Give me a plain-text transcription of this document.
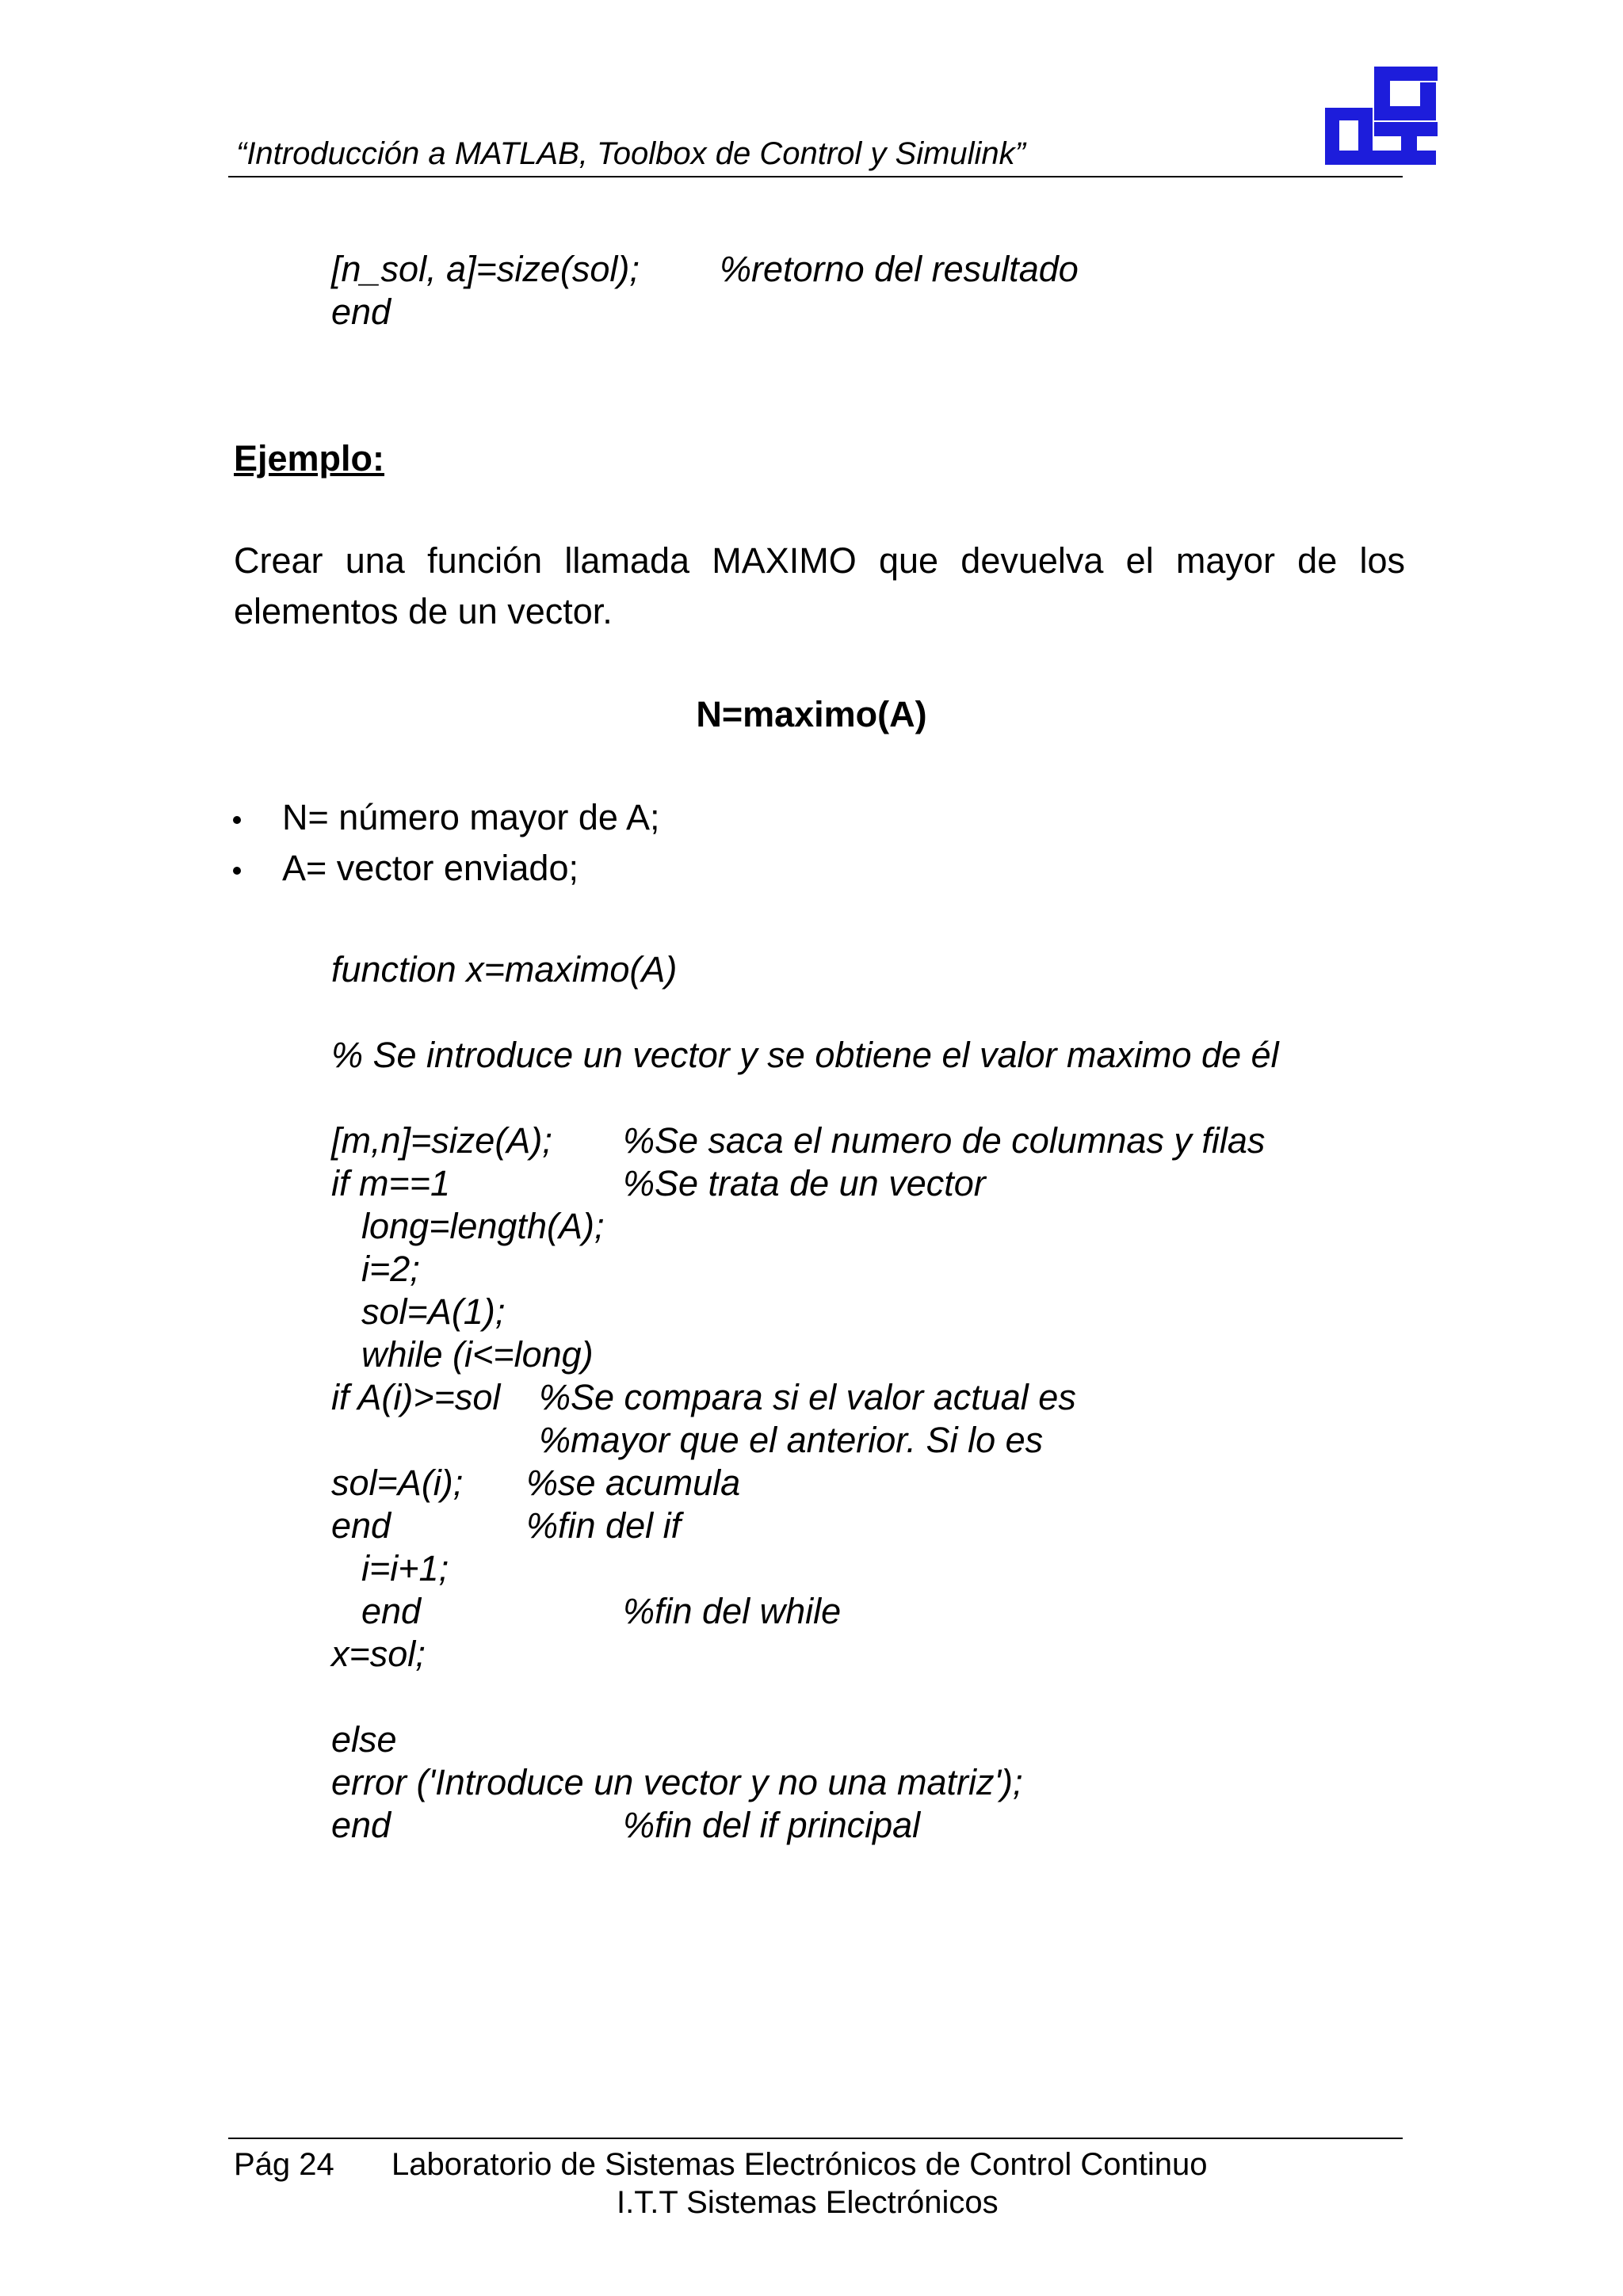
“Introducción a MATLAB, Toolbox de Control y Simulink”
[n_sol, a]=size(sol); %retorno del resultado
end
Ejemplo:
Crear una función llamada MAXIMO que devuelva el mayor de los elementos de un vector.
N=maximo(A)
N= número mayor de A;
A= vector enviado;
function x=maximo(A)
% Se introduce un vector y se obtiene el valor maximo de él
[m,n]=size(A); %Se saca el numero de columnas y filas
if m==1	%Se trata de un vector
long=length(A);
i=2;
sol=A(1);
while (i<=long)
if A(i)>=sol %Se compara si el valor actual es
%mayor que el anterior. Si lo es
sol=A(i); %se acumula
end	%fin del if
i=i+1;
end	%fin del while
x=sol;
else
error ('Introduce un vector y no una matriz');
end	%fin del if principal
Pág 24 Laboratorio de Sistemas Electrónicos de Control Continuo
I.T.T Sistemas Electrónicos
